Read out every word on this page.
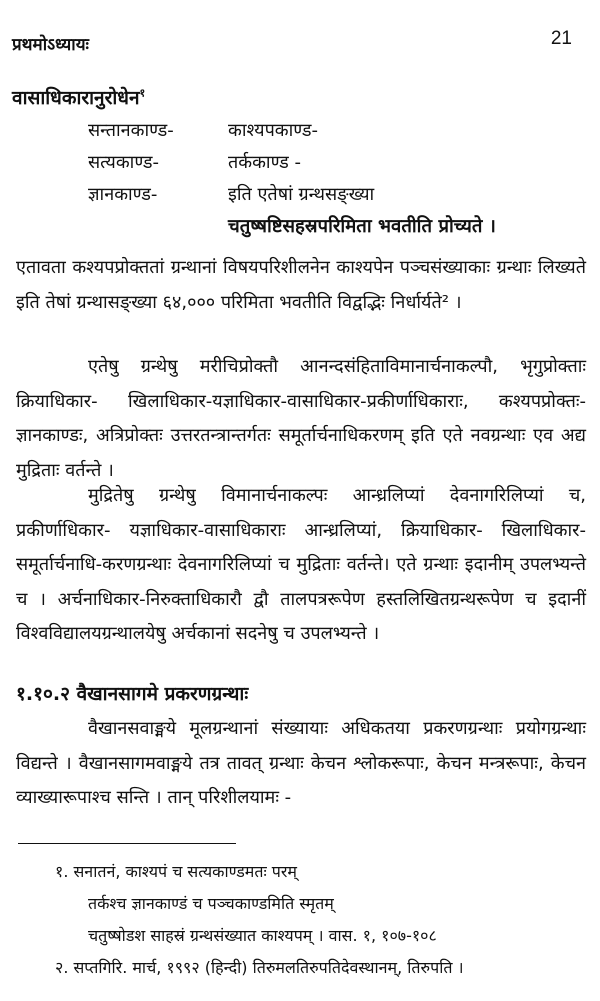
प्रथमोऽध्यायः	21
वासाधिकारानुरोधेन$^१$
सन्तानकाण्ड-	काश्यपकाण्ड-
सत्यकाण्ड-	तर्ककाण्ड -
ज्ञानकाण्ड-	इति एतेषां ग्रन्थसङ्ख्या
चतुष्षष्टिसहस्रपरिमिता भवतीति प्रोच्यते ।

एतावता कश्यपप्रोक्ततां ग्रन्थानां विषयपरिशीलनेन काश्यपेन पञ्चसंख्याकाः ग्रन्थाः लिख्यते इति तेषां ग्रन्थासङ्ख्या ६४,००० परिमिता भवतीति विद्वद्भिः निर्धार्यते² ।

एतेषु ग्रन्थेषु मरीचिप्रोक्तौ आनन्दसंहिताविमानार्चनाकल्पौ, भृगुप्रोक्ताः क्रियाधिकार- खिलाधिकार-यज्ञाधिकार-वासाधिकार-प्रकीर्णाधिकाराः, कश्यपप्रोक्तः-ज्ञानकाण्डः, अत्रिप्रोक्तः उत्तरतन्त्रान्तर्गतः समूर्तार्चनाधिकरणम् इति एते नवग्रन्थाः एव अद्य मुद्रिताः वर्तन्ते ।

मुद्रितेषु ग्रन्थेषु विमानार्चनाकल्पः आन्ध्रलिप्यां देवनागरिलिप्यां च, प्रकीर्णाधिकार- यज्ञाधिकार-वासाधिकाराः आन्ध्रलिप्यां, क्रियाधिकार- खिलाधिकार- समूर्तार्चनाधि-करणग्रन्थाः देवनागरिलिप्यां च मुद्रिताः वर्तन्ते। एते ग्रन्थाः इदानीम् उपलभ्यन्ते च । अर्चनाधिकार-निरुक्ताधिकारौ द्वौ तालपत्ररूपेण हस्तलिखितग्रन्थरूपेण च इदानीं विश्वविद्यालयग्रन्थालयेषु अर्चकानां सदनेषु च उपलभ्यन्ते ।

१.१०.२ वैखानसागमे प्रकरणग्रन्थाः

वैखानसवाङ्मये मूलग्रन्थानां संख्यायाः अधिकतया प्रकरणग्रन्थाः प्रयोगग्रन्थाः विद्यन्ते । वैखानसागमवाङ्मये तत्र तावत् ग्रन्थाः केचन श्लोकरूपाः, केचन मन्त्ररूपाः, केचन व्याख्यारूपाश्च सन्ति । तान् परिशीलयामः -

१. सनातनं, काश्यपं च सत्यकाण्डमतः परम्
तर्कश्च ज्ञानकाण्डं च पञ्चकाण्डमिति स्मृतम्
चतुष्षोडश साहस्रं ग्रन्थसंख्यात काश्यपम् । वास. १, १०७-१०८
२. सप्तगिरि. मार्च, १९९२ (हिन्दी) तिरुमलतिरुपतिदेवस्थानम्, तिरुपति ।
